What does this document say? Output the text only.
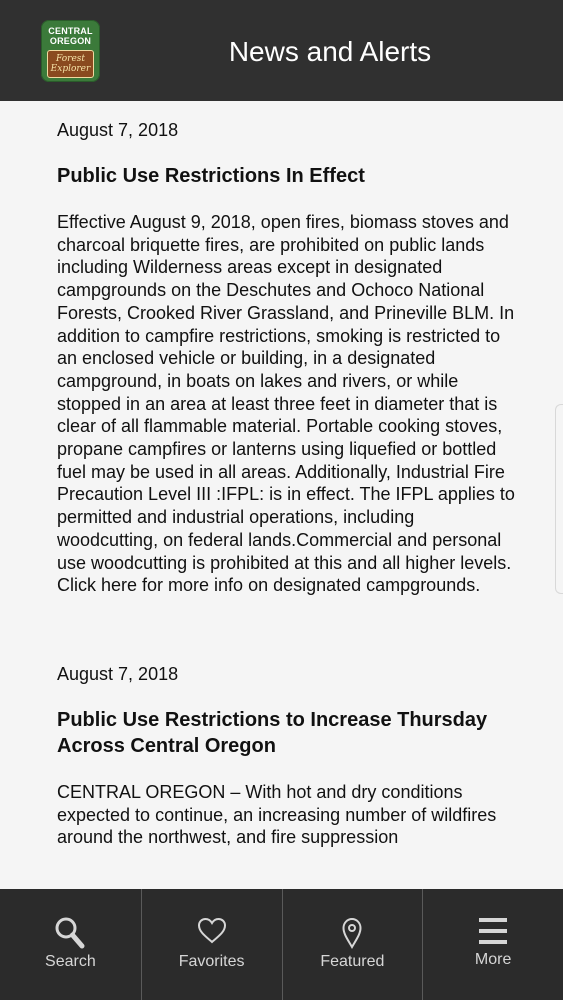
CENTRAL
OREGON
Forest
Explorer
News and Alerts
August 7, 2018
Public Use Restrictions In Effect
Effective August 9, 2018, open fires, biomass stoves and charcoal briquette fires, are prohibited on public lands including Wilderness areas except in designated campgrounds on the Deschutes and Ochoco National Forests, Crooked River Grassland, and Prineville BLM. In addition to campfire restrictions, smoking is restricted to an enclosed vehicle or building, in a designated campground, in boats on lakes and rivers, or while stopped in an area at least three feet in diameter that is clear of all flammable material. Portable cooking stoves, propane campfires or lanterns using liquefied or bottled fuel may be used in all areas. Additionally, Industrial Fire Precaution Level III :IFPL: is in effect. The IFPL applies to permitted and industrial operations, including woodcutting, on federal lands.Commercial and personal use woodcutting is prohibited at this and all higher levels. Click here for more info on designated campgrounds.
August 7, 2018
Public Use Restrictions to Increase Thursday Across Central Oregon
CENTRAL OREGON – With hot and dry conditions expected to continue, an increasing number of wildfires around the northwest, and fire suppression
Search	Favorites	Featured	More
